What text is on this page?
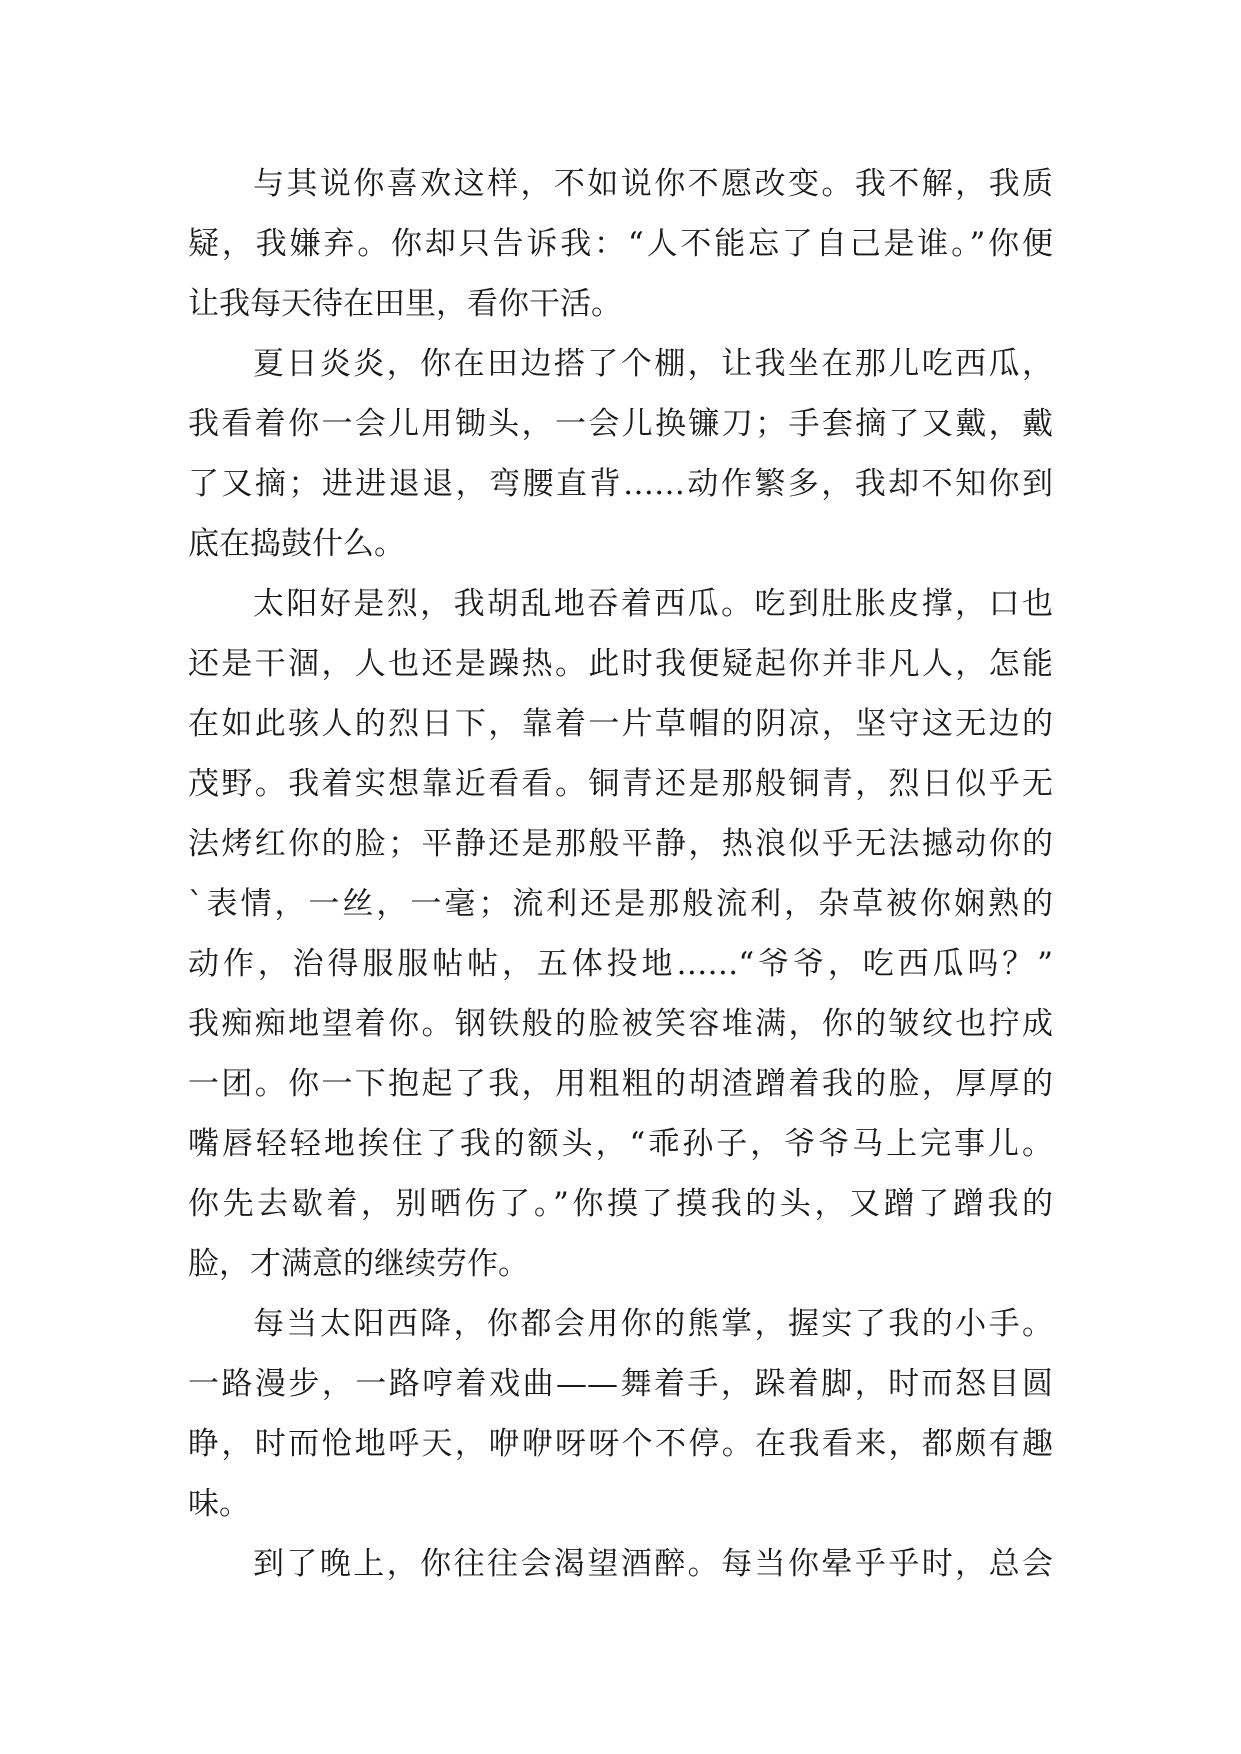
与其说你喜欢这样，不如说你不愿改变。我不解，我质
疑，我嫌弃。你却只告诉我：“人不能忘了自己是谁。”你便
让我每天待在田里，看你干活。
夏日炎炎，你在田边搭了个棚，让我坐在那儿吃西瓜，
我看着你一会儿用锄头，一会儿换镰刀；手套摘了又戴，戴
了又摘；进进退退，弯腰直背……动作繁多，我却不知你到
底在捣鼓什么。
太阳好是烈，我胡乱地吞着西瓜。吃到肚胀皮撑，口也
还是干涸，人也还是躁热。此时我便疑起你并非凡人，怎能
在如此骇人的烈日下，靠着一片草帽的阴凉，坚守这无边的
茂野。我着实想靠近看看。铜青还是那般铜青，烈日似乎无
法烤红你的脸；平静还是那般平静，热浪似乎无法撼动你的
`表情，一丝，一毫；流利还是那般流利，杂草被你娴熟的
动作，治得服服帖帖，五体投地……“爷爷，吃西瓜吗？”
我痴痴地望着你。钢铁般的脸被笑容堆满，你的皱纹也拧成
一团。你一下抱起了我，用粗粗的胡渣蹭着我的脸，厚厚的
嘴唇轻轻地挨住了我的额头，“乖孙子，爷爷马上完事儿。
你先去歇着，别晒伤了。”你摸了摸我的头，又蹭了蹭我的
脸，才满意的继续劳作。
每当太阳西降，你都会用你的熊掌，握实了我的小手。
一路漫步，一路哼着戏曲——舞着手，跺着脚，时而怒目圆
睁，时而怆地呼天，咿咿呀呀个不停。在我看来，都颇有趣
味。
到了晚上，你往往会渴望酒醉。每当你晕乎乎时，总会
